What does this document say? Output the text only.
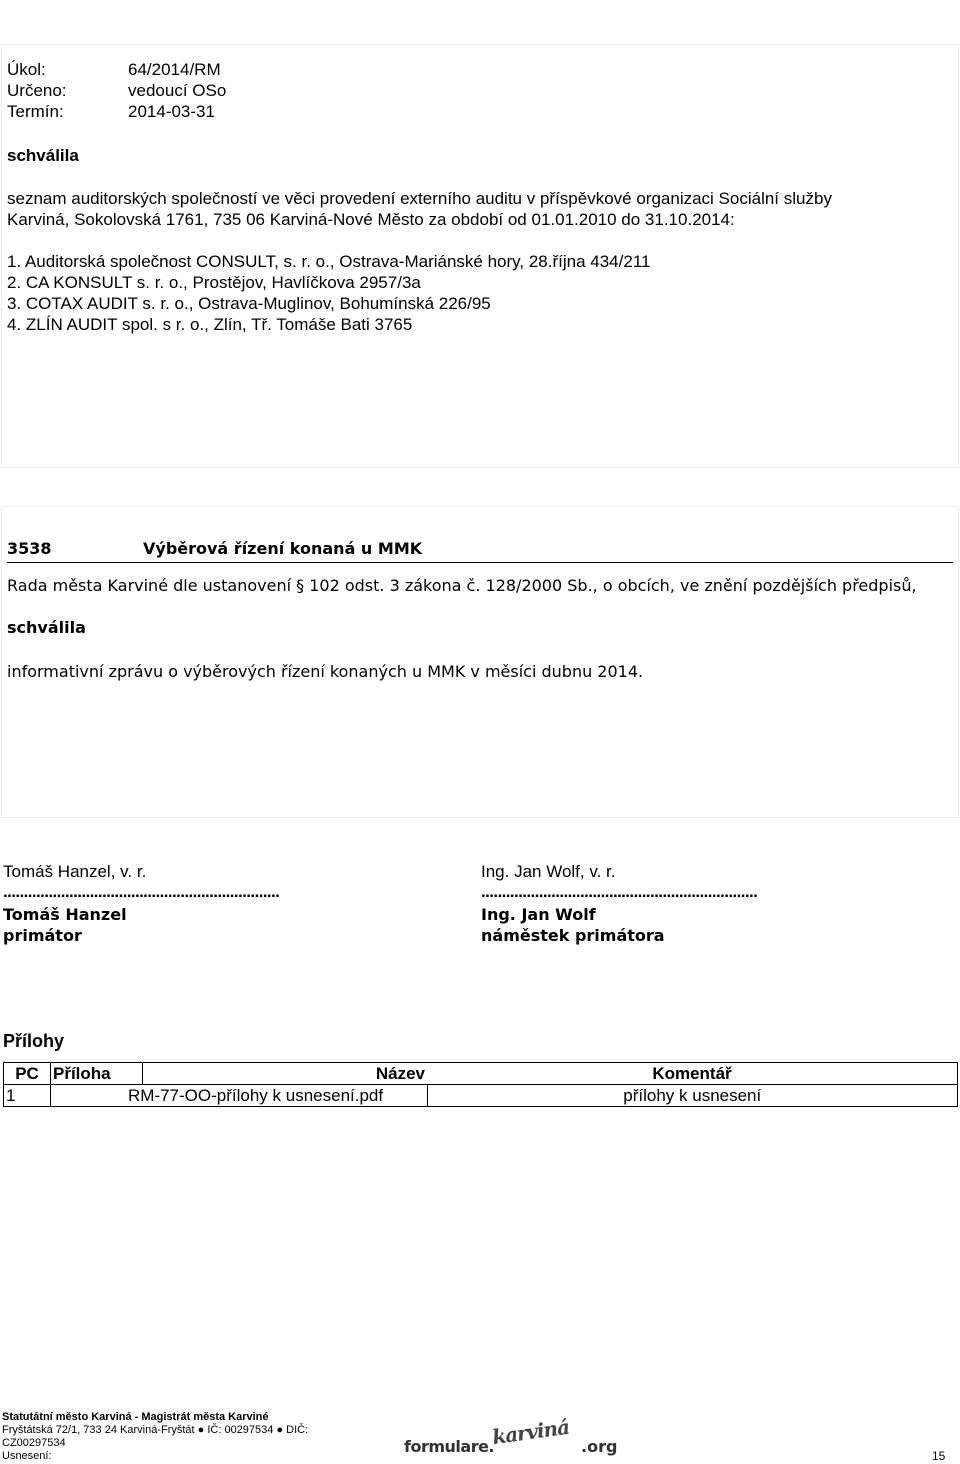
Úkol:	64/2014/RM
Určeno:	vedoucí OSo
Termín:	2014-03-31
schválila
seznam auditorských společností ve věci provedení externího auditu v příspěvkové organizaci Sociální služby
Karviná, Sokolovská 1761, 735 06 Karviná-Nové Město za období od 01.01.2010 do 31.10.2014:
1. Auditorská společnost CONSULT, s. r. o., Ostrava-Mariánské hory, 28.října 434/211
2. CA KONSULT s. r. o., Prostějov, Havlíčkova 2957/3a
3. COTAX AUDIT s. r. o., Ostrava-Muglinov, Bohumínská 226/95
4. ZLÍN AUDIT spol. s r. o., Zlín, Tř. Tomáše Bati 3765
3538	Výběrová řízení konaná u MMK
Rada města Karviné dle ustanovení § 102 odst. 3 zákona č. 128/2000 Sb., o obcích, ve znění pozdějších předpisů,
schválila
informativní zprávu o výběrových řízení konaných u MMK v měsíci dubnu 2014.
Tomáš Hanzel, v. r.
...................................................................
Tomáš Hanzel
primátor
Ing. Jan Wolf, v. r.
...................................................................
Ing. Jan Wolf
náměstek primátora
Přílohy
PC	Příloha	Název	Komentář
1	RM-77-OO-přílohy k usnesení.pdf		přílohy k usnesení
Statutátní město Karviná - Magistrát města Karviné
Fryštátská 72/1, 733 24 Karviná-Fryštát ● IČ: 00297534 ● DIČ:
CZ00297534
Usnesení:	formulare.
karviná .org	15
